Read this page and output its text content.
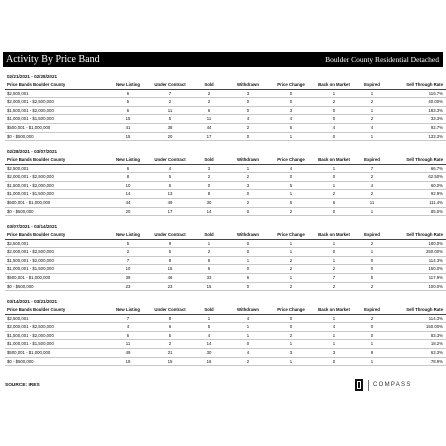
Activity By Price Band	Boulder County Residential Detached
02/21/2021 - 02/28/2021
Price Bands Boulder County	New Listing	Under Contract	Sold	Withdrawn	Price Change	Back on Market	Expired	Sell Through Rate
$2,500,001	6	7	2	3	0	1	1	116.7%
$2,000,001 - $2,500,000	5	2	2	0	0	2	2	40.00%
$1,500,001 - $2,000,000	6	11	6	0	3	0	1	183.3%
$1,000,001 - $1,500,000	15	5	11	4	4	0	2	33.3%
$500,001 - $1,000,000	41	38	44	2	5	4	4	92.7%
$0 - $500,000	15	20	17	0	1	0	1	133.3%
02/28/2021 - 03/07/2021
Price Bands Boulder County	New Listing	Under Contract	Sold	Withdrawn	Price Change	Back on Market	Expired	Sell Through Rate
$2,500,001	6	4	3	1	4	1	7	66.7%
$2,000,001 - $2,500,000	8	5	2	2	0	0	2	62.50%
$1,500,001 - $2,000,000	10	6	0	3	5	1	4	60.0%
$1,000,001 - $1,500,000	14	13	8	0	1	2	2	92.9%
$500,001 - $1,000,000	44	49	30	2	5	6	11	111.4%
$0 - $500,000	20	17	14	0	2	0	1	85.0%
03/07/2021 - 03/14/2021
Price Bands Boulder County	New Listing	Under Contract	Sold	Withdrawn	Price Change	Back on Market	Expired	Sell Through Rate
$2,500,001	5	9	1	0	1	1	2	180.0%
$2,000,001 - $2,500,000	2	5	2	0	1	0	1	250.00%
$1,500,001 - $2,000,000	7	8	8	1	2	1	0	114.3%
$1,000,001 - $1,500,000	10	15	6	0	2	2	0	150.0%
$500,001 - $1,000,000	39	46	33	6	1	7	5	117.9%
$0 - $500,000	23	23	15	0	2	2	2	100.0%
03/14/2021 - 03/21/2021
Price Bands Boulder County	New Listing	Under Contract	Sold	Withdrawn	Price Change	Back on Market	Expired	Sell Through Rate
$2,500,001	7	8	1	4	0	1	2	114.3%
$2,000,001 - $2,500,000	4	6	5	1	0	4	0	150.00%
$1,500,001 - $2,000,000	6	5	4	1	2	1	0	83.3%
$1,000,001 - $1,500,000	11	2	14	0	1	1	1	18.2%
$500,001 - $1,000,000	49	31	30	4	3	3	9	63.3%
$0 - $500,000	19	15	16	2	1	0	1	78.9%
SOURCE: IRES	COMPASS
